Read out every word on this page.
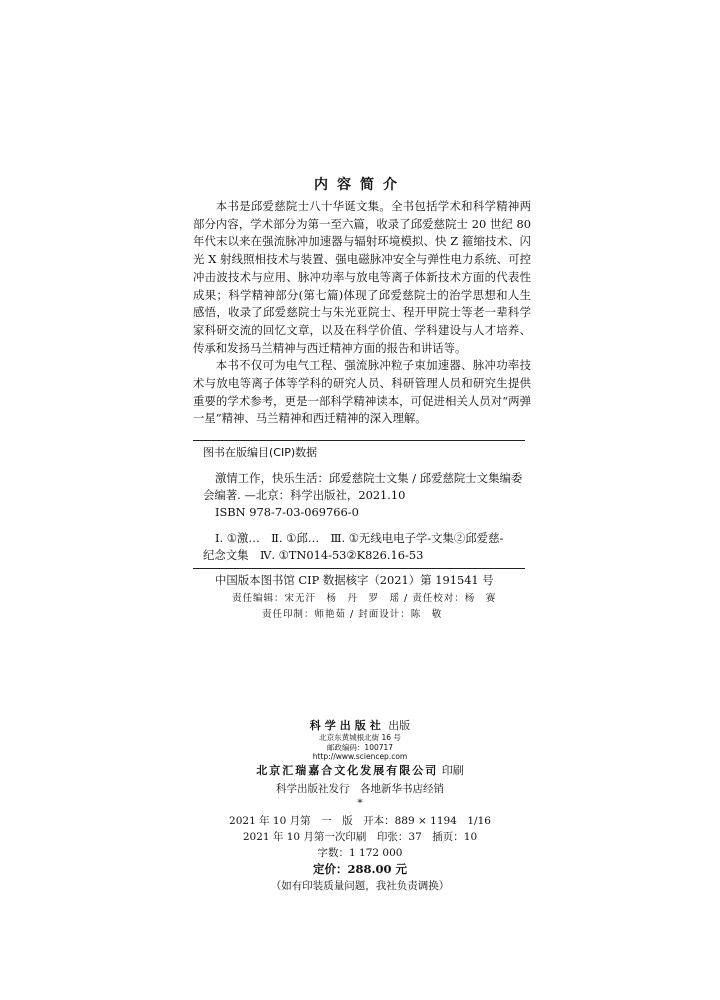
内容简介

本书是邱爱慈院士八十华诞文集。全书包括学术和科学精神两部分内容，学术部分为第一至六篇，收录了邱爱慈院士 20 世纪 80 年代末以来在强流脉冲加速器与辐射环境模拟、快 Z 箍缩技术、闪光 X 射线照相技术与装置、强电磁脉冲安全与弹性电力系统、可控冲击波技术与应用、脉冲功率与放电等离子体新技术方面的代表性成果；科学精神部分(第七篇)体现了邱爱慈院士的治学思想和人生感悟，收录了邱爱慈院士与朱光亚院士、程开甲院士等老一辈科学家科研交流的回忆文章，以及在科学价值、学科建设与人才培养、传承和发扬马兰精神与西迁精神方面的报告和讲话等。

本书不仅可为电气工程、强流脉冲粒子束加速器、脉冲功率技术与放电等离子体等学科的研究人员、科研管理人员和研究生提供重要的学术参考，更是一部科学精神读本，可促进相关人员对“两弹一星”精神、马兰精神和西迁精神的深入理解。

图书在版编目(CIP)数据

激情工作，快乐生活：邱爱慈院士文集 / 邱爱慈院士文集编委

会编著. —北京：科学出版社，2021.10

ISBN 978-7-03-069766-0

Ⅰ. ①激…　Ⅱ. ①邱…　Ⅲ. ①无线电电子学-文集②邱爱慈-

纪念文集　Ⅳ. ①TN014-53②K826.16-53

中国版本图书馆 CIP 数据核字（2021）第 191541 号

责任编辑：宋无汗　杨　丹　罗　瑶 / 责任校对：杨　赛
责任印制：师艳茹 / 封面设计：陈　敬
科学出版社 出版
北京东黄城根北街 16 号
邮政编码：100717
http://www.sciencep.com
北京汇瑞嘉合文化发展有限公司 印刷
科学出版社发行　各地新华书店经销
*
2021 年 10 月第　一　版　开本：889 × 1194　1/16
2021 年 10 月第一次印刷　印张：37　插页：10
字数：1 172 000
定价：288.00 元
（如有印装质量问题，我社负责调换）
